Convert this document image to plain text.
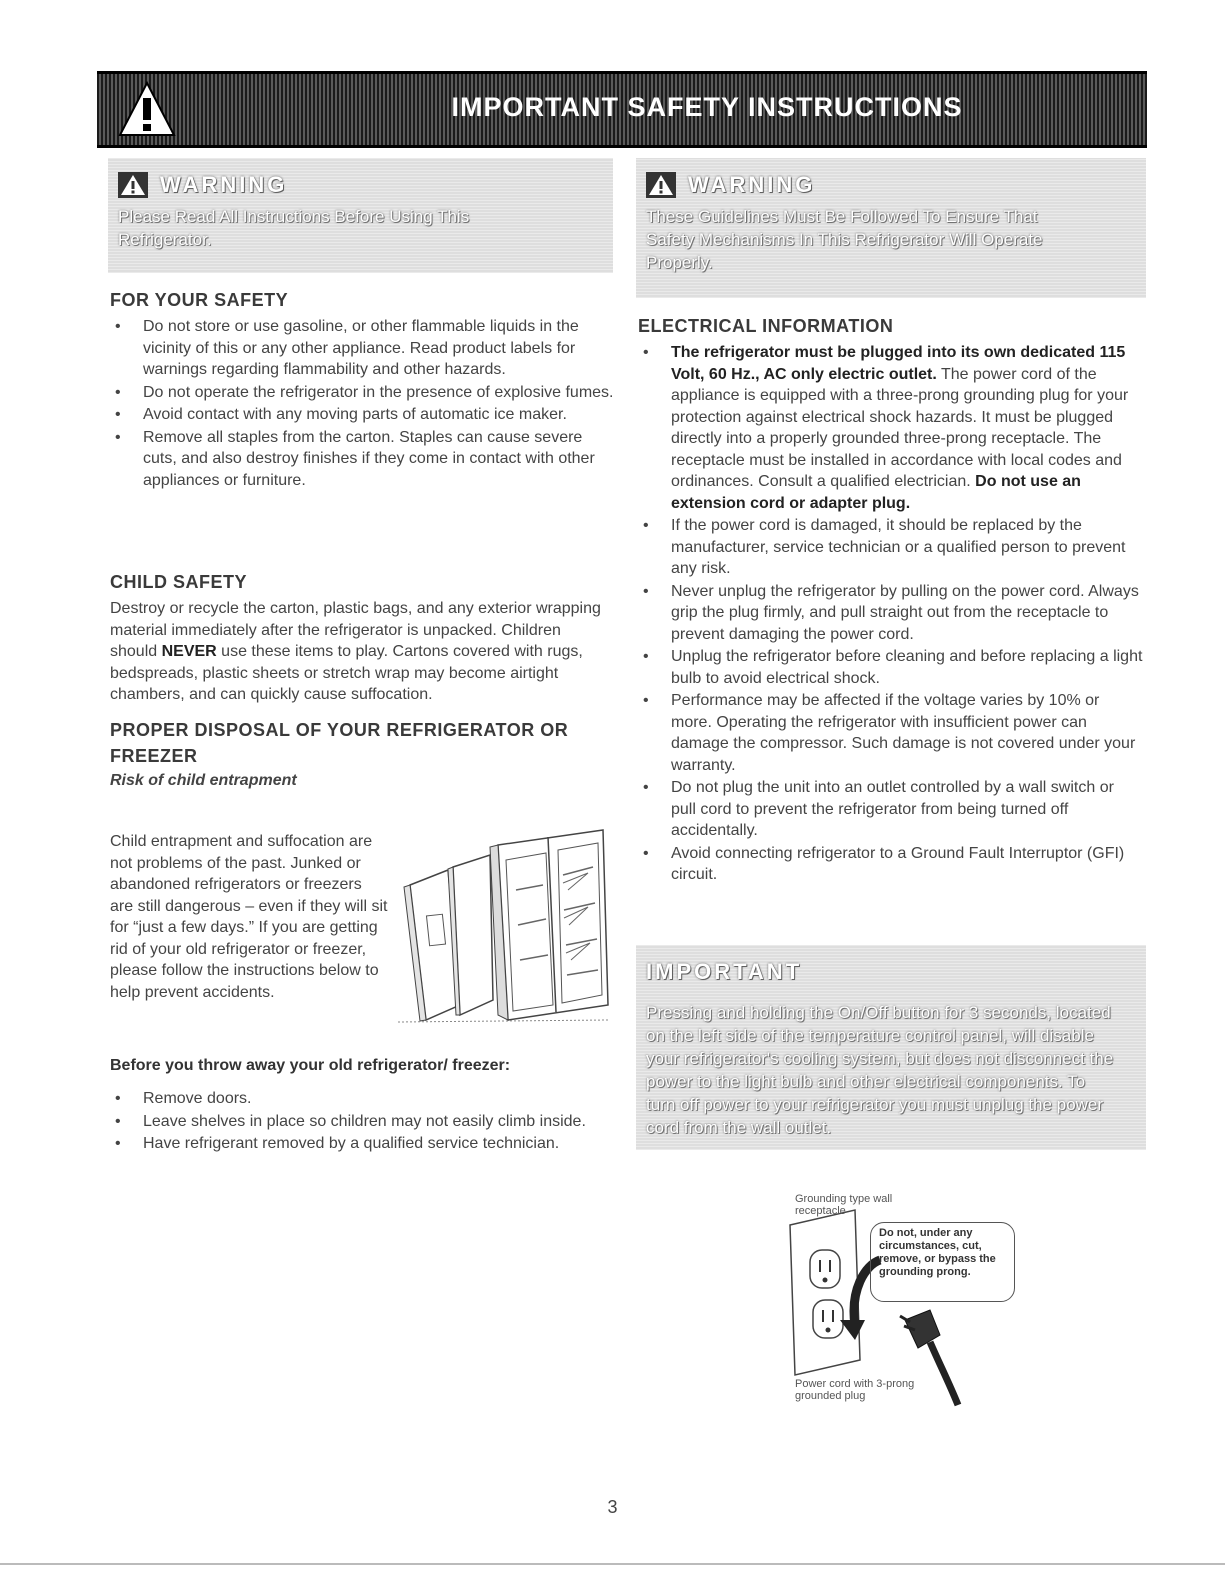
IMPORTANT SAFETY INSTRUCTIONS
WARNING
Please Read All Instructions Before Using This Refrigerator.
WARNING
These Guidelines Must Be Followed To Ensure That Safety Mechanisms In This Refrigerator Will Operate Properly.
FOR YOUR SAFETY
• Do not store or use gasoline, or other flammable liquids in the vicinity of this or any other appliance. Read product labels for warnings regarding flammability and other hazards.
• Do not operate the refrigerator in the presence of explosive fumes.
• Avoid contact with any moving parts of automatic ice maker.
• Remove all staples from the carton. Staples can cause severe cuts, and also destroy finishes if they come in contact with other appliances or furniture.
CHILD SAFETY
Destroy or recycle the carton, plastic bags, and any exterior wrapping material immediately after the refrigerator is unpacked. Children should NEVER use these items to play. Cartons covered with rugs, bedspreads, plastic sheets or stretch wrap may become airtight chambers, and can quickly cause suffocation.
PROPER DISPOSAL OF YOUR REFRIGERATOR OR FREEZER
Risk of child entrapment
Child entrapment and suffocation are not problems of the past. Junked or abandoned refrigerators or freezers are still dangerous – even if they will sit for “just a few days.” If you are getting rid of your old refrigerator or freezer, please follow the instructions below to help prevent accidents.
Before you throw away your old refrigerator/ freezer:
• Remove doors.
• Leave shelves in place so children may not easily climb inside.
• Have refrigerant removed by a qualified service technician.
ELECTRICAL INFORMATION
• The refrigerator must be plugged into its own dedicated 115 Volt, 60 Hz., AC only electric outlet. The power cord of the appliance is equipped with a three-prong grounding plug for your protection against electrical shock hazards. It must be plugged directly into a properly grounded three-prong receptacle. The receptacle must be installed in accordance with local codes and ordinances. Consult a qualified electrician. Do not use an extension cord or adapter plug.
• If the power cord is damaged, it should be replaced by the manufacturer, service technician or a qualified person to prevent any risk.
• Never unplug the refrigerator by pulling on the power cord. Always grip the plug firmly, and pull straight out from the receptacle to prevent damaging the power cord.
• Unplug the refrigerator before cleaning and before replacing a light bulb to avoid electrical shock.
• Performance may be affected if the voltage varies by 10% or more. Operating the refrigerator with insufficient power can damage the compressor. Such damage is not covered under your warranty.
• Do not plug the unit into an outlet controlled by a wall switch or pull cord to prevent the refrigerator from being turned off accidentally.
• Avoid connecting refrigerator to a Ground Fault Interruptor (GFI) circuit.
IMPORTANT
Pressing and holding the On/Off button for 3 seconds, located on the left side of the temperature control panel, will disable your refrigerator's cooling system, but does not disconnect the power to the light bulb and other electrical components. To turn off power to your refrigerator you must unplug the power cord from the wall outlet.
Grounding type wall receptacle
Do not, under any circumstances, cut, remove, or bypass the grounding prong.
Power cord with 3-prong grounded plug
3
